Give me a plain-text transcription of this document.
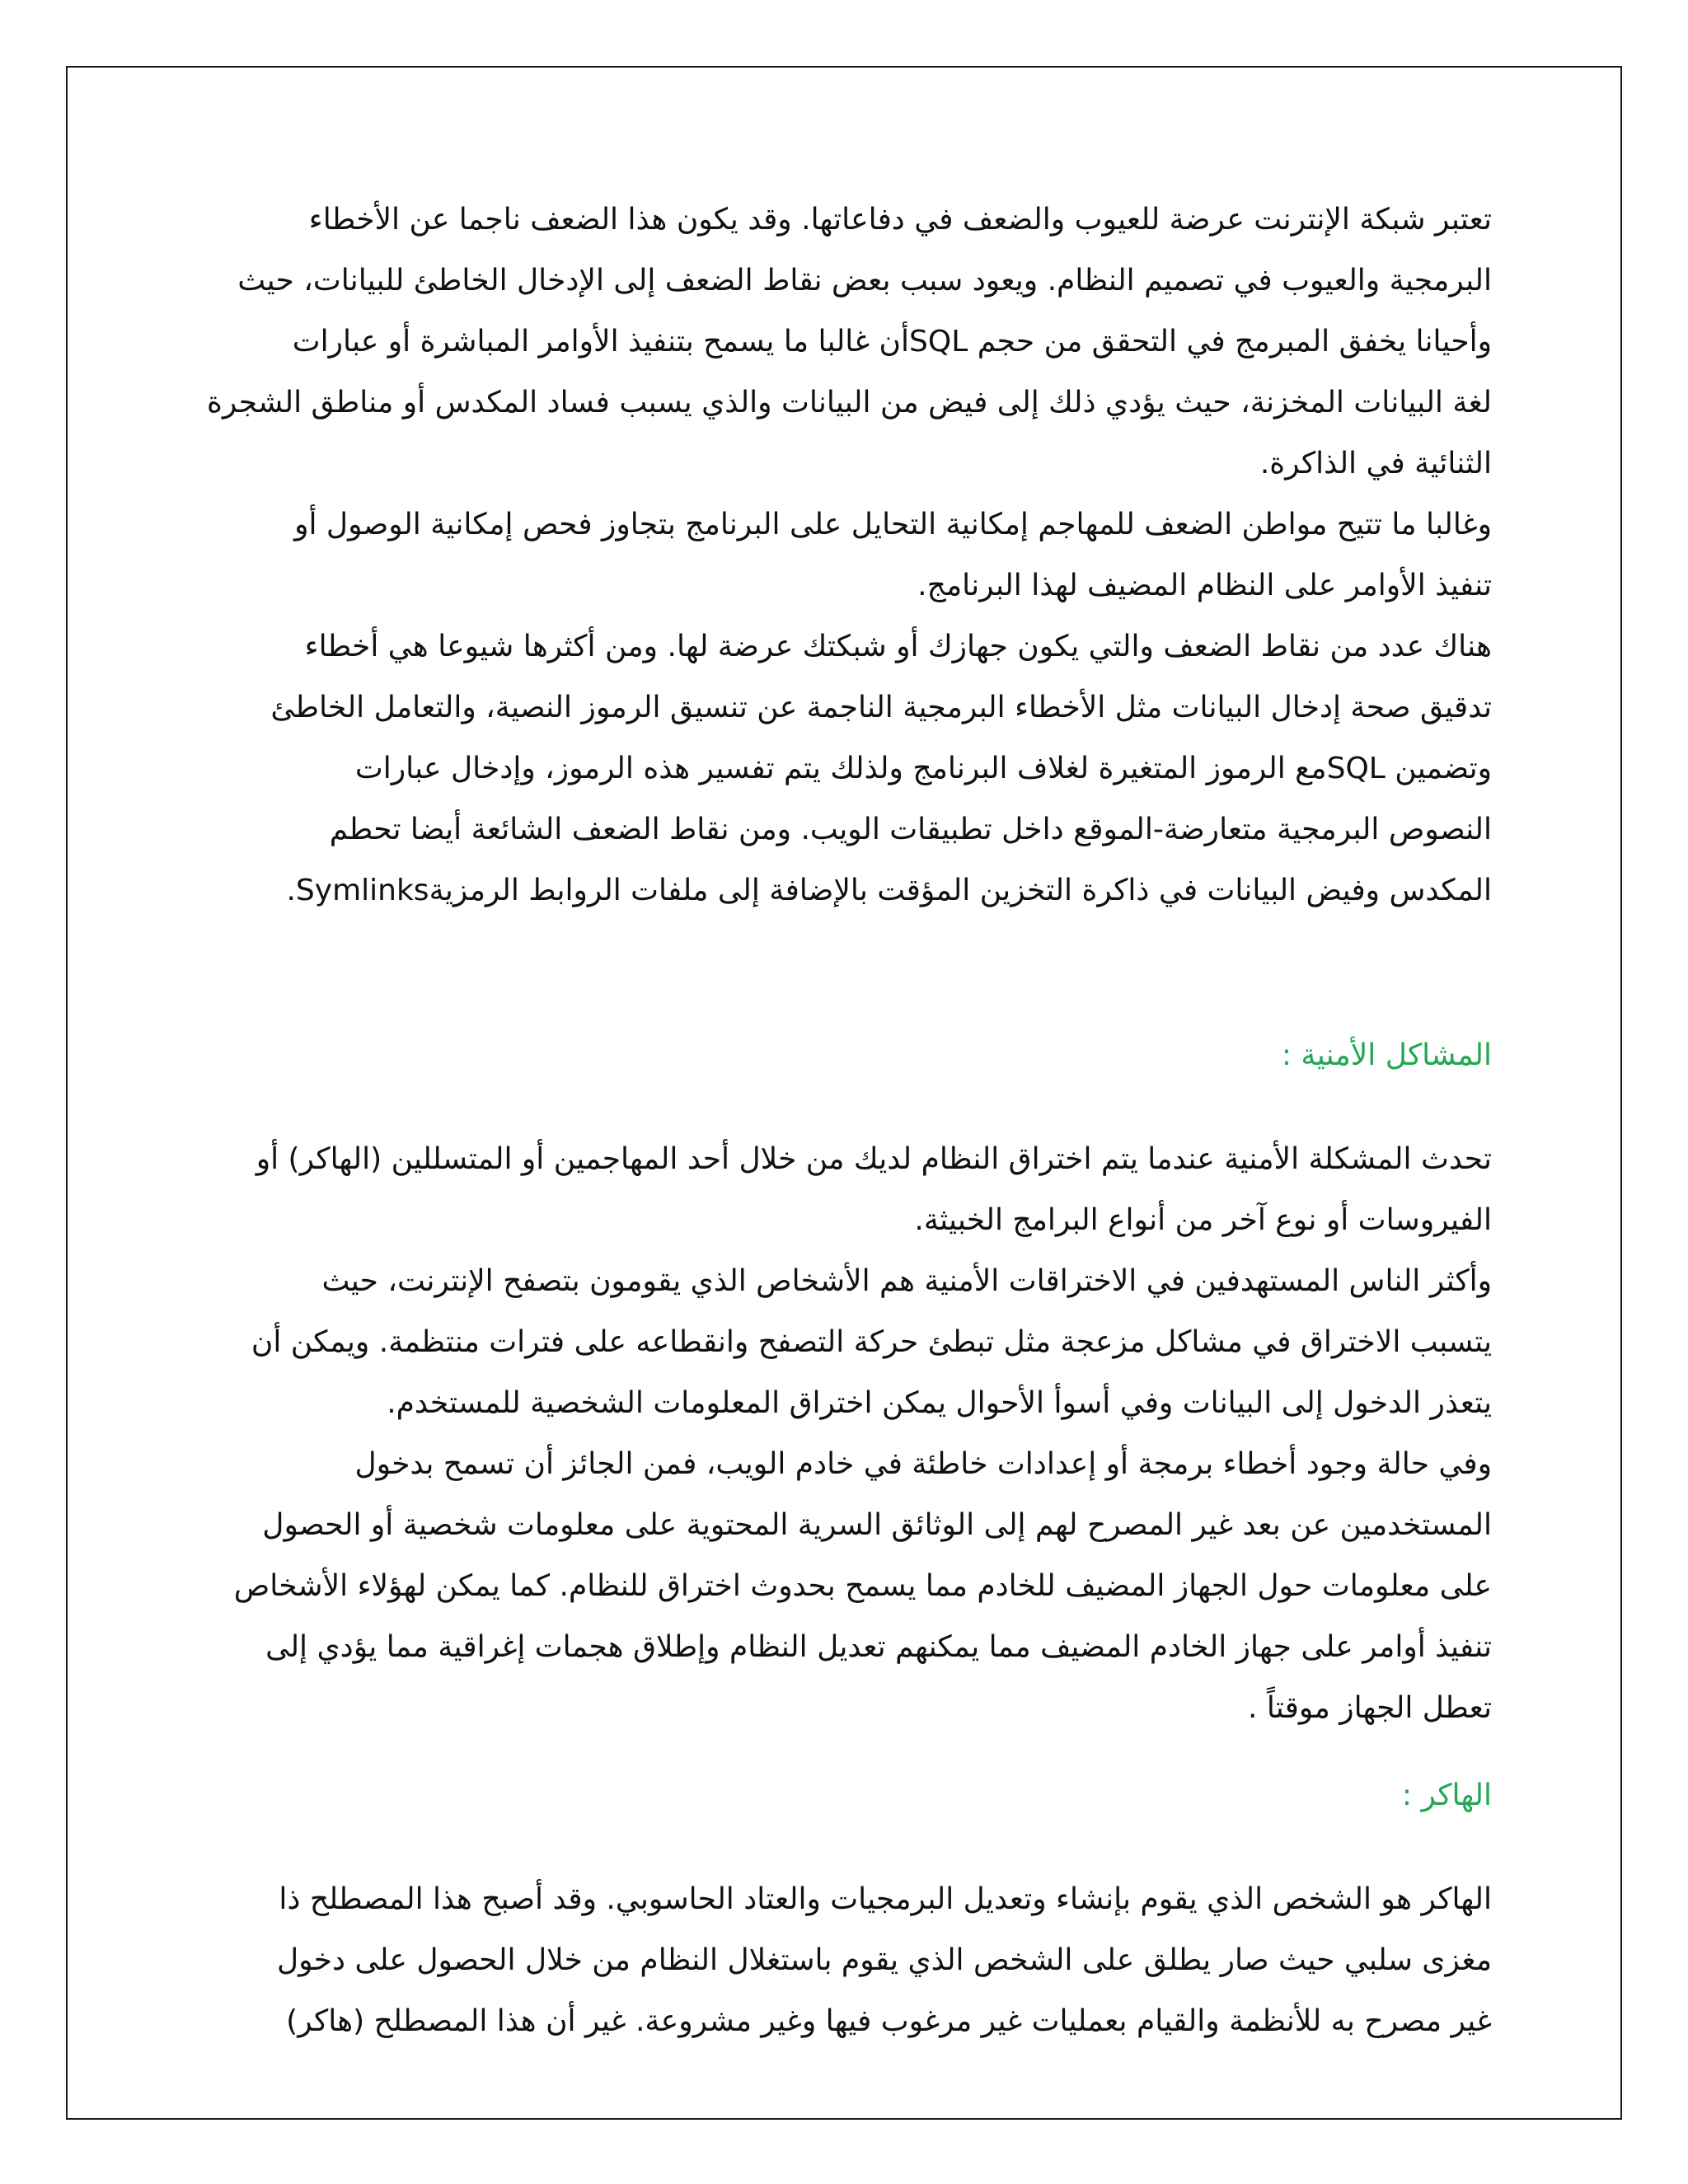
تعتبر شبكة الإنترنت عرضة للعيوب والضعف في دفاعاتها. وقد يكون هذا الضعف ناجما عن الأخطاء
البرمجية والعيوب في تصميم النظام. ويعود سبب بعض نقاط الضعف إلى الإدخال الخاطئ للبيانات، حيث
وأحيانا يخفق المبرمج في التحقق من حجم SQLأن غالبا ما يسمح بتنفيذ الأوامر المباشرة أو عبارات
لغة البيانات المخزنة، حيث يؤدي ذلك إلى فيض من البيانات والذي يسبب فساد المكدس أو مناطق الشجرة
الثنائية في الذاكرة.
وغالبا ما تتيح مواطن الضعف للمهاجم إمكانية التحايل على البرنامج بتجاوز فحص إمكانية الوصول أو
تنفيذ الأوامر على النظام المضيف لهذا البرنامج.
هناك عدد من نقاط الضعف والتي يكون جهازك أو شبكتك عرضة لها. ومن أكثرها شيوعا هي أخطاء
تدقيق صحة إدخال البيانات مثل الأخطاء البرمجية الناجمة عن تنسيق الرموز النصية، والتعامل الخاطئ
وتضمين SQLمع الرموز المتغيرة لغلاف البرنامج ولذلك يتم تفسير هذه الرموز، وإدخال عبارات
النصوص البرمجية متعارضة-الموقع داخل تطبيقات الويب. ومن نقاط الضعف الشائعة أيضا تحطم
.Symlinksالمكدس وفيض البيانات في ذاكرة التخزين المؤقت بالإضافة إلى ملفات الروابط الرمزية
المشاكل الأمنية :
تحدث المشكلة الأمنية عندما يتم اختراق النظام لديك من خلال أحد المهاجمين أو المتسللين (الهاكر) أو
الفيروسات أو نوع آخر من أنواع البرامج الخبيثة.
وأكثر الناس المستهدفين في الاختراقات الأمنية هم الأشخاص الذي يقومون بتصفح الإنترنت، حيث
يتسبب الاختراق في مشاكل مزعجة مثل تبطئ حركة التصفح وانقطاعه على فترات منتظمة. ويمكن أن
يتعذر الدخول إلى البيانات وفي أسوأ الأحوال يمكن اختراق المعلومات الشخصية للمستخدم.
وفي حالة وجود أخطاء برمجة أو إعدادات خاطئة في خادم الويب، فمن الجائز أن تسمح بدخول
المستخدمين عن بعد غير المصرح لهم إلى الوثائق السرية المحتوية على معلومات شخصية أو الحصول
على معلومات حول الجهاز المضيف للخادم مما يسمح بحدوث اختراق للنظام. كما يمكن لهؤلاء الأشخاص
تنفيذ أوامر على جهاز الخادم المضيف مما يمكنهم تعديل النظام وإطلاق هجمات إغراقية مما يؤدي إلى
تعطل الجهاز موقتاً .
الهاكر :
الهاكر هو الشخص الذي يقوم بإنشاء وتعديل البرمجيات والعتاد الحاسوبي. وقد أصبح هذا المصطلح ذا
مغزى سلبي حيث صار يطلق على الشخص الذي يقوم باستغلال النظام من خلال الحصول على دخول
غير مصرح به للأنظمة والقيام بعمليات غير مرغوب فيها وغير مشروعة. غير أن هذا المصطلح (هاكر)
